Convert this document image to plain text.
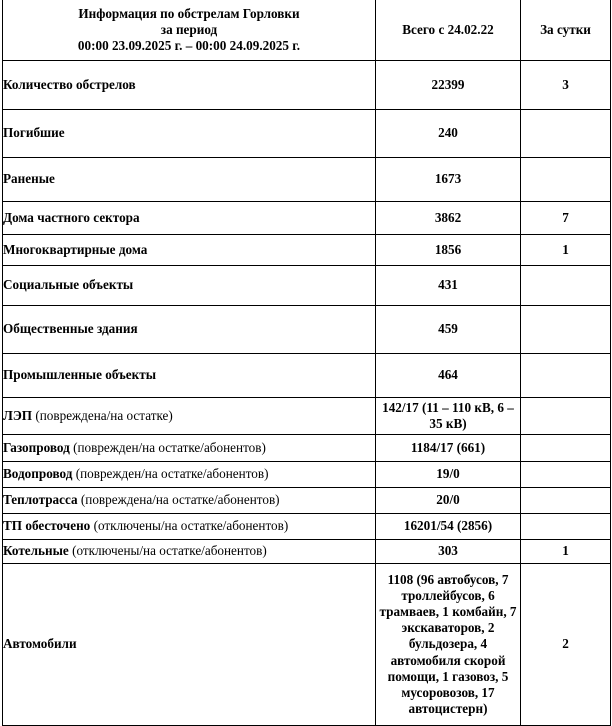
Информация по обстрелам Горловки
за период
00:00 23.09.2025 г. – 00:00 24.09.2025 г.	Всего с 24.02.22	За сутки
Количество обстрелов	22399	3
Погибшие	240	
Раненые	1673	
Дома частного сектора	3862	7
Многоквартирные дома	1856	1
Социальные объекты	431	
Общественные здания	459	
Промышленные объекты	464	
ЛЭП (повреждена/на остатке)	142/17 (11 – 110 кВ, 6 – 35 кВ)	
Газопровод (поврежден/на остатке/абонентов)	1184/17 (661)	
Водопровод (поврежден/на остатке/абонентов)	19/0	
Теплотрасса (повреждена/на остатке/абонентов)	20/0	
ТП обесточено (отключены/на остатке/абонентов)	16201/54 (2856)	
Котельные (отключены/на остатке/абонентов)	303	1
Автомобили	1108 (96 автобусов, 7 троллейбусов, 6 трамваев, 1 комбайн, 7 экскаваторов, 2 бульдозера, 4 автомобиля скорой помощи, 1 газовоз, 5 мусоровозов, 17 автоцистерн)	2
